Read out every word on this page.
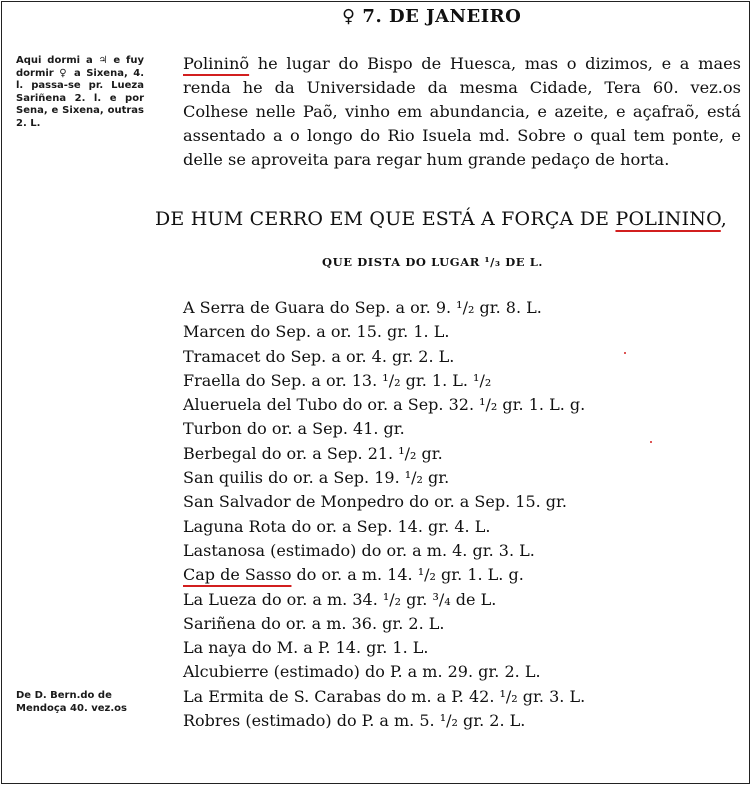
♀ 7. DE JANEIRO
Aqui dormi a ♃ e fuy dormir ♀ a Sixena, 4. l. passa-se pr. Lueza Sariñena 2. l. e por Sena, e Sixena, outras 2. L.
Polininõ he lugar do Bispo de Huesca, mas o dizimos, e a maes renda he da Universidade da mesma Cidade, Tera 60. vez.os Colhese nelle Paõ, vinho em abundancia, e azeite, e açafraõ, está assentado a o longo do Rio Isuela md. Sobre o qual tem ponte, e delle se aproveita para regar hum grande pedaço de horta.
DE HUM CERRO EM QUE ESTÁ A FORÇA DE POLININO,
QUE DISTA DO LUGAR ¹/₃ DE L.
A Serra de Guara do Sep. a or. 9. ¹/₂ gr. 8. L.
Marcen do Sep. a or. 15. gr. 1. L.
Tramacet do Sep. a or. 4. gr. 2. L.
Fraella do Sep. a or. 13. ¹/₂ gr. 1. L. ¹/₂
Alueruela del Tubo do or. a Sep. 32. ¹/₂ gr. 1. L. g.
Turbon do or. a Sep. 41. gr.
Berbegal do or. a Sep. 21. ¹/₂ gr.
San quilis do or. a Sep. 19. ¹/₂ gr.
San Salvador de Monpedro do or. a Sep. 15. gr.
Laguna Rota do or. a Sep. 14. gr. 4. L.
Lastanosa (estimado) do or. a m. 4. gr. 3. L.
Cap de Sasso do or. a m. 14. ¹/₂ gr. 1. L. g.
La Lueza do or. a m. 34. ¹/₂ gr. ³/₄ de L.
Sariñena do or. a m. 36. gr. 2. L.
La naya do M. a P. 14. gr. 1. L.
Alcubierre (estimado) do P. a m. 29. gr. 2. L.
La Ermita de S. Carabas do m. a P. 42. ¹/₂ gr. 3. L.
Robres (estimado) do P. a m. 5. ¹/₂ gr. 2. L.
De D. Bern.do de Mendoça 40. vez.os
